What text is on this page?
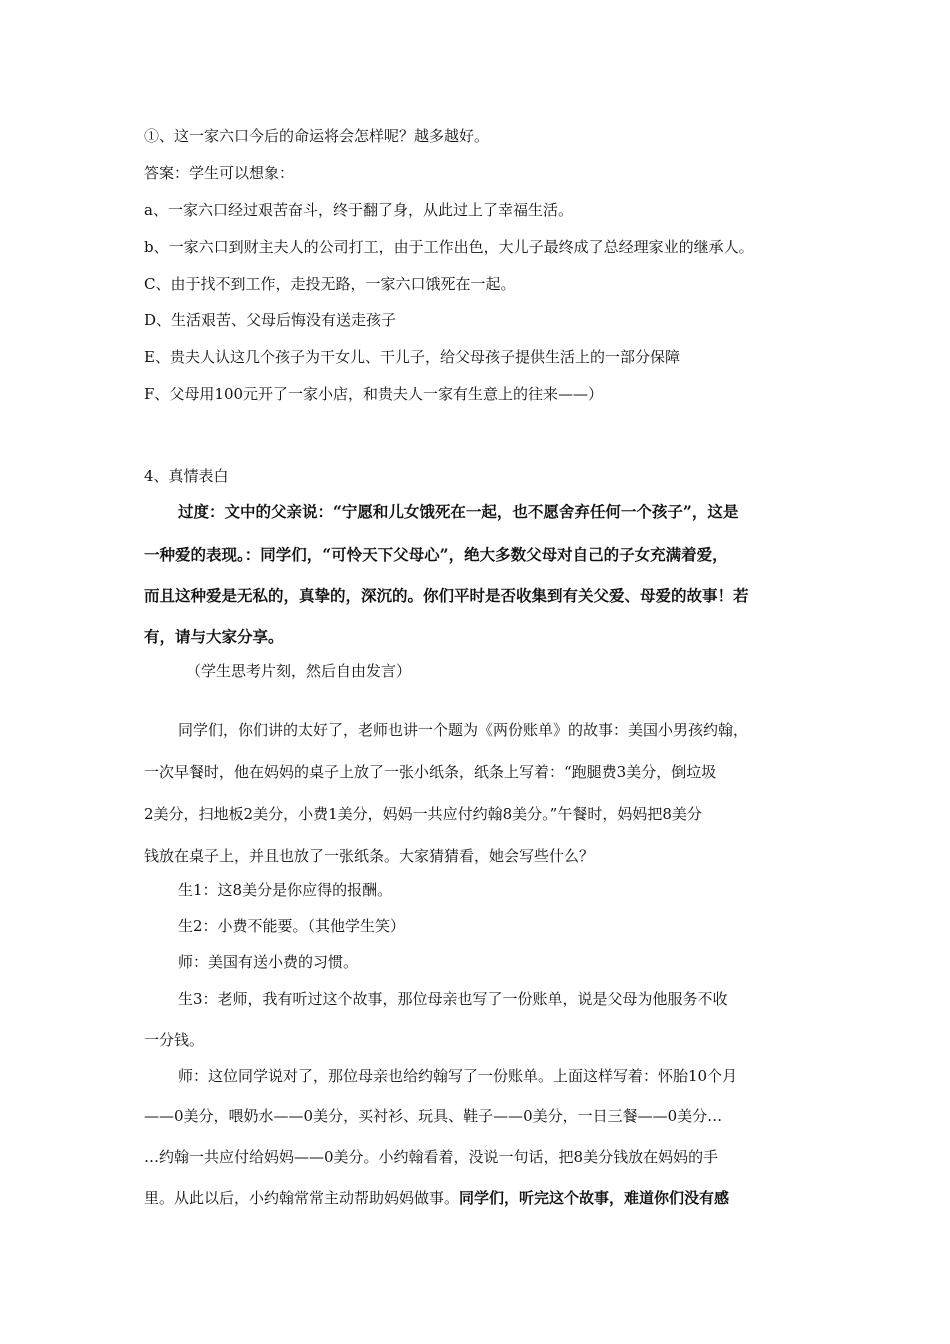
①、这一家六口今后的命运将会怎样呢？越多越好。
答案：学生可以想象：
a、一家六口经过艰苦奋斗，终于翻了身，从此过上了幸福生活。
b、一家六口到财主夫人的公司打工，由于工作出色，大儿子最终成了总经理家业的继承人。
C、由于找不到工作，走投无路，一家六口饿死在一起。
D、生活艰苦、父母后悔没有送走孩子
E、贵夫人认这几个孩子为干女儿、干儿子，给父母孩子提供生活上的一部分保障
F、父母用100元开了一家小店，和贵夫人一家有生意上的往来——）
4、真情表白
过度：文中的父亲说：“宁愿和儿女饿死在一起，也不愿舍弃任何一个孩子”，这是
一种爱的表现。：同学们，“可怜天下父母心”，绝大多数父母对自己的子女充满着爱，
而且这种爱是无私的，真挚的，深沉的。你们平时是否收集到有关父爱、母爱的故事！若
有，请与大家分享。
（学生思考片刻，然后自由发言）
同学们，你们讲的太好了，老师也讲一个题为《两份账单》的故事：美国小男孩约翰，
一次早餐时，他在妈妈的桌子上放了一张小纸条，纸条上写着：“跑腿费3美分，倒垃圾
2美分，扫地板2美分，小费1美分，妈妈一共应付约翰8美分。”午餐时，妈妈把8美分
钱放在桌子上，并且也放了一张纸条。大家猜猜看，她会写些什么？
生1：这8美分是你应得的报酬。
生2：小费不能要。（其他学生笑）
师：美国有送小费的习惯。
生3：老师，我有听过这个故事，那位母亲也写了一份账单，说是父母为他服务不收
一分钱。
师：这位同学说对了，那位母亲也给约翰写了一份账单。上面这样写着：怀胎10个月
——0美分，喂奶水——0美分，买衬衫、玩具、鞋子——0美分，一日三餐——0美分…
…约翰一共应付给妈妈——0美分。小约翰看着，没说一句话，把8美分钱放在妈妈的手
里。从此以后，小约翰常常主动帮助妈妈做事。同学们，听完这个故事，难道你们没有感
